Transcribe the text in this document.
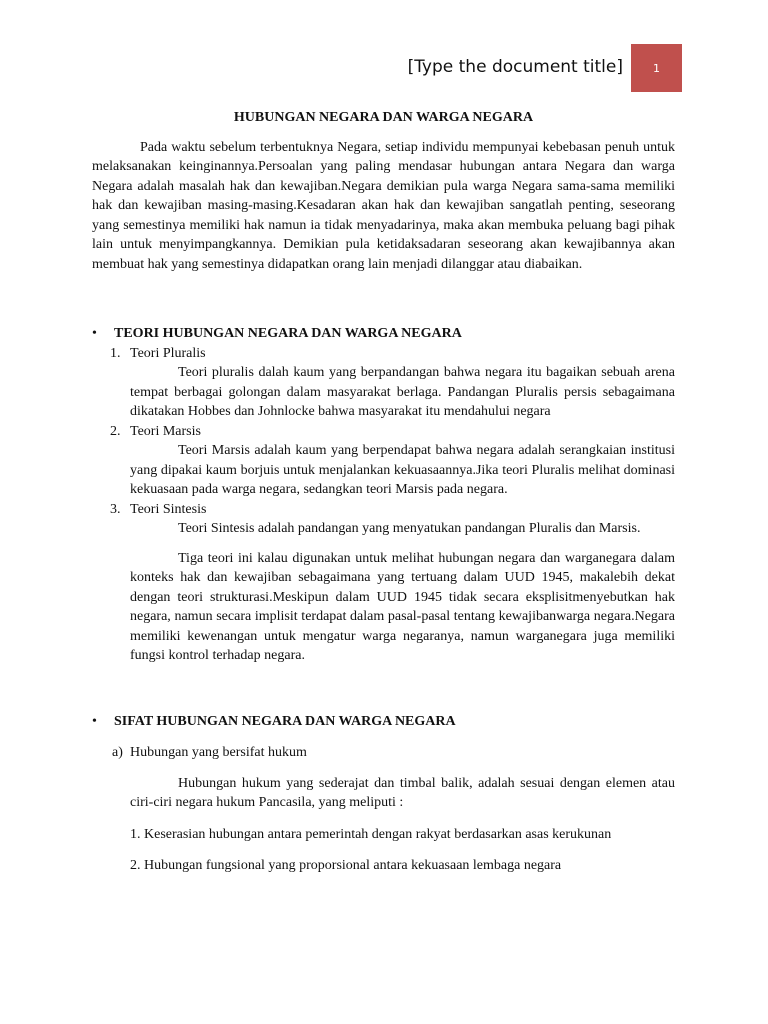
[Type the document title]	1
HUBUNGAN NEGARA DAN WARGA NEGARA

Pada waktu sebelum terbentuknya Negara, setiap individu mempunyai kebebasan penuh untuk melaksanakan keinginannya.Persoalan yang paling mendasar hubungan antara Negara dan warga Negara adalah masalah hak dan kewajiban.Negara demikian pula warga Negara sama-sama memiliki hak dan kewajiban masing-masing.Kesadaran akan hak dan kewajiban sangatlah penting, seseorang yang semestinya memiliki hak namun ia tidak menyadarinya, maka akan membuka peluang bagi pihak lain untuk menyimpangkannya. Demikian pula ketidaksadaran seseorang akan kewajibannya akan membuat hak yang semestinya didapatkan orang lain menjadi dilanggar atau diabaikan.

•	TEORI HUBUNGAN NEGARA DAN WARGA NEGARA
1. Teori Pluralis

Teori pluralis dalah kaum yang berpandangan bahwa negara itu bagaikan sebuah arena tempat berbagai golongan dalam masyarakat berlaga. Pandangan Pluralis persis sebagaimana dikatakan Hobbes dan Johnlocke bahwa masyarakat itu mendahului negara

2. Teori Marsis

Teori Marsis adalah kaum yang berpendapat bahwa negara adalah serangkaian institusi yang dipakai kaum borjuis untuk menjalankan kekuasaannya.Jika teori Pluralis melihat dominasi kekuasaan pada warga negara, sedangkan teori Marsis pada negara.

3. Teori Sintesis

Teori Sintesis adalah pandangan yang menyatukan pandangan Pluralis dan Marsis.

Tiga teori ini kalau digunakan untuk melihat hubungan negara dan warganegara dalam konteks hak dan kewajiban sebagaimana yang tertuang dalam UUD 1945, makalebih dekat dengan teori strukturasi.Meskipun dalam UUD 1945 tidak secara eksplisitmenyebutkan hak negara, namun secara implisit terdapat dalam pasal-pasal tentang kewajibanwarga negara.Negara memiliki kewenangan untuk mengatur warga negaranya, namun warganegara juga memiliki fungsi kontrol terhadap negara.

•	SIFAT HUBUNGAN NEGARA DAN WARGA NEGARA
a) Hubungan yang bersifat hukum

Hubungan hukum yang sederajat dan timbal balik, adalah sesuai dengan elemen atau ciri-ciri negara hukum Pancasila, yang meliputi :

1. Keserasian hubungan antara pemerintah dengan rakyat berdasarkan asas kerukunan

2. Hubungan fungsional yang proporsional antara kekuasaan lembaga negara
